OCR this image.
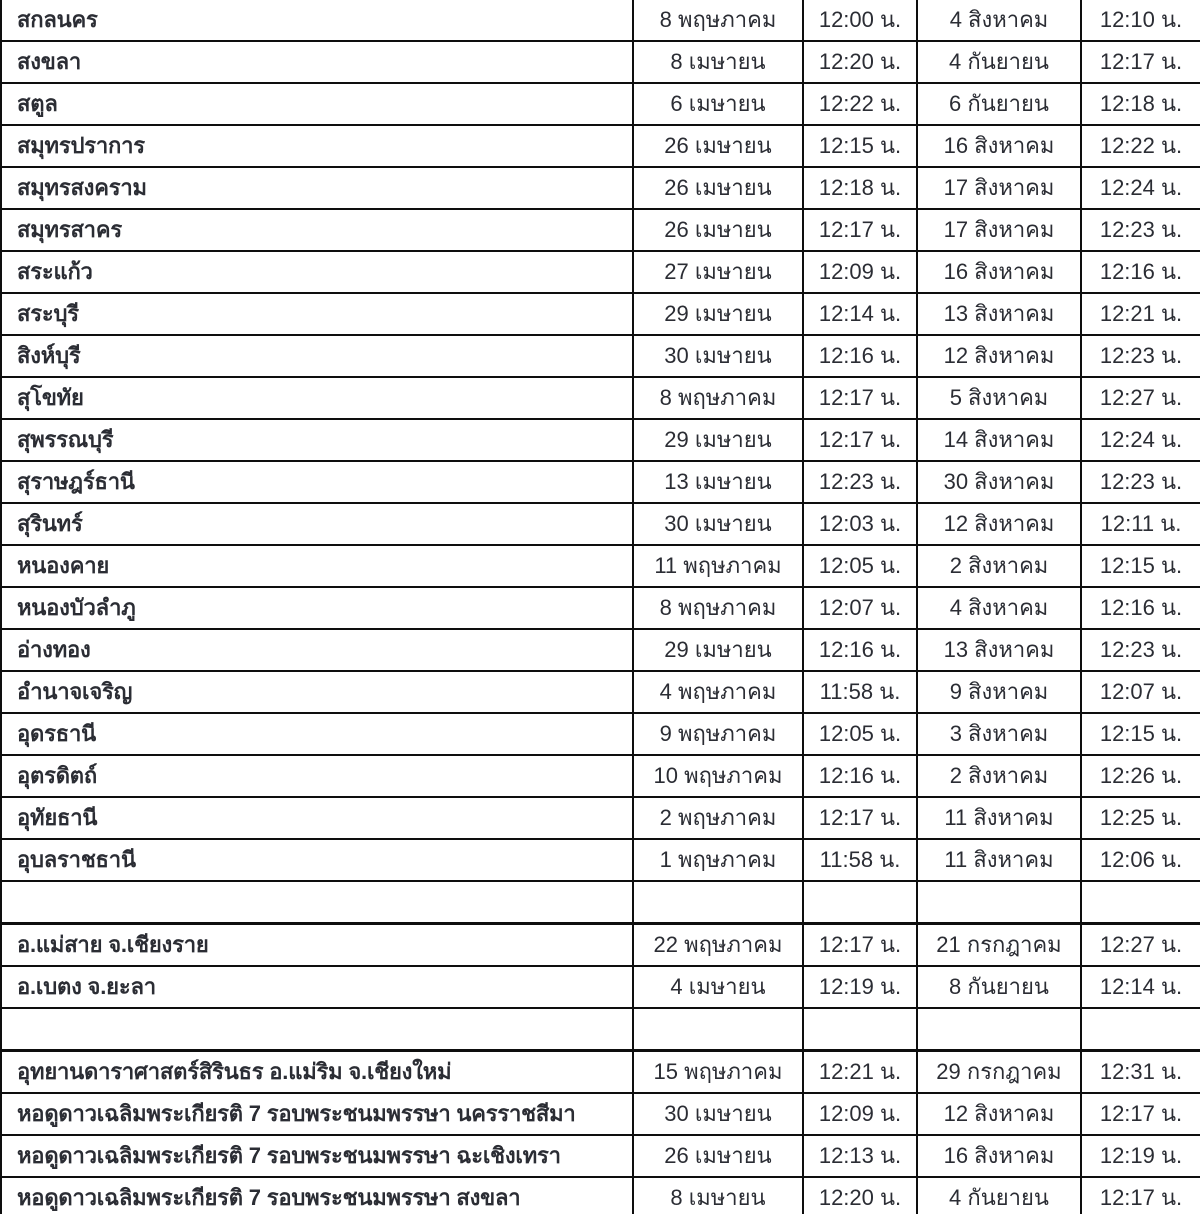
สกลนคร	8 พฤษภาคม	12:00 น.	4 สิงหาคม	12:10 น.
สงขลา	8 เมษายน	12:20 น.	4 กันยายน	12:17 น.
สตูล	6 เมษายน	12:22 น.	6 กันยายน	12:18 น.
สมุทรปราการ	26 เมษายน	12:15 น.	16 สิงหาคม	12:22 น.
สมุทรสงคราม	26 เมษายน	12:18 น.	17 สิงหาคม	12:24 น.
สมุทรสาคร	26 เมษายน	12:17 น.	17 สิงหาคม	12:23 น.
สระแก้ว	27 เมษายน	12:09 น.	16 สิงหาคม	12:16 น.
สระบุรี	29 เมษายน	12:14 น.	13 สิงหาคม	12:21 น.
สิงห์บุรี	30 เมษายน	12:16 น.	12 สิงหาคม	12:23 น.
สุโขทัย	8 พฤษภาคม	12:17 น.	5 สิงหาคม	12:27 น.
สุพรรณบุรี	29 เมษายน	12:17 น.	14 สิงหาคม	12:24 น.
สุราษฎร์ธานี	13 เมษายน	12:23 น.	30 สิงหาคม	12:23 น.
สุรินทร์	30 เมษายน	12:03 น.	12 สิงหาคม	12:11 น.
หนองคาย	11 พฤษภาคม	12:05 น.	2 สิงหาคม	12:15 น.
หนองบัวลำภู	8 พฤษภาคม	12:07 น.	4 สิงหาคม	12:16 น.
อ่างทอง	29 เมษายน	12:16 น.	13 สิงหาคม	12:23 น.
อำนาจเจริญ	4 พฤษภาคม	11:58 น.	9 สิงหาคม	12:07 น.
อุดรธานี	9 พฤษภาคม	12:05 น.	3 สิงหาคม	12:15 น.
อุตรดิตถ์	10 พฤษภาคม	12:16 น.	2 สิงหาคม	12:26 น.
อุทัยธานี	2 พฤษภาคม	12:17 น.	11 สิงหาคม	12:25 น.
อุบลราชธานี	1 พฤษภาคม	11:58 น.	11 สิงหาคม	12:06 น.

อ.แม่สาย จ.เชียงราย	22 พฤษภาคม	12:17 น.	21 กรกฎาคม	12:27 น.
อ.เบตง จ.ยะลา	4 เมษายน	12:19 น.	8 กันยายน	12:14 น.

อุทยานดาราศาสตร์สิรินธร อ.แม่ริม จ.เชียงใหม่	15 พฤษภาคม	12:21 น.	29 กรกฎาคม	12:31 น.
หอดูดาวเฉลิมพระเกียรติ 7 รอบพระชนมพรรษา นครราชสีมา	30 เมษายน	12:09 น.	12 สิงหาคม	12:17 น.
หอดูดาวเฉลิมพระเกียรติ 7 รอบพระชนมพรรษา ฉะเชิงเทรา	26 เมษายน	12:13 น.	16 สิงหาคม	12:19 น.
หอดูดาวเฉลิมพระเกียรติ 7 รอบพระชนมพรรษา สงขลา	8 เมษายน	12:20 น.	4 กันยายน	12:17 น.
